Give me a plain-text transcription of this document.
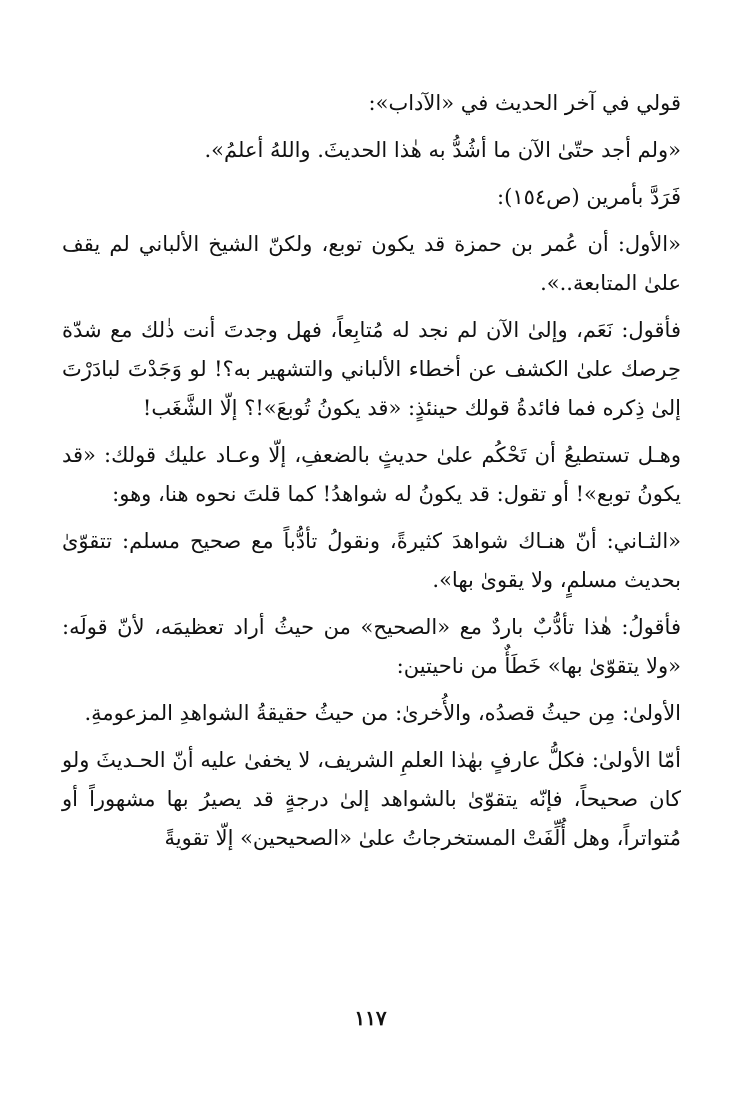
قولي في آخر الحديث في «الآداب»:

«ولم أجد حتّىٰ الآن ما أشُدُّ به هٰذا الحديثَ. واللهُ أعلمُ».

فَرَدَّ بأمرين (ص١٥٤):

«الأول: أن عُمر بن حمزة قد يكون توبع، ولكنّ الشيخ الألباني لم يقف علىٰ المتابعة..».

فأقول: نَعَم، وإلىٰ الآن لم نجد له مُتابِعاً، فهل وجدتَ أنت ذٰلك مع شدّة حِرصك علىٰ الكشف عن أخطاء الألباني والتشهير به؟! لو وَجَدْتَ لبادَرْتَ إلىٰ ذِكره فما فائدةُ قولك حينئذٍ: «قد يكونُ تُوبعَ»!؟ إلّا الشَّغَب!

وهـل تستطيعُ أن تَحْكُم علىٰ حديثٍ بالضعفِ، إلّا وعـاد عليك قولك: «قد يكونُ توبع»! أو تقول: قد يكونُ له شواهدُ! كما قلتَ نحوه هنا، وهو:

«الثـاني: أنّ هنـاك شواهدَ كثيرةً، ونقولُ تأدُّباً مع صحيح مسلم: تتقوّىٰ بحديث مسلمٍ، ولا يقوىٰ بها».

فأقولُ: هٰذا تأدُّبٌ باردٌ مع «الصحيح» من حيثُ أراد تعظيمَه، لأنّ قولَه: «ولا يتقوّىٰ بها» خَطَأٌ من ناحيتين:

الأولىٰ: مِن حيثُ قصدُه، والأُخرىٰ: من حيثُ حقيقةُ الشواهدِ المزعومةِ.

أمّا الأولىٰ: فكلُّ عارفٍ بهٰذا العلمِ الشريف، لا يخفىٰ عليه أنّ الحـديثَ ولو كان صحيحاً، فإنّه يتقوّىٰ بالشواهد إلىٰ درجةٍ قد يصيرُ بها مشهوراً أو مُتواتراً، وهل أُلِّفَتْ المستخرجاتُ علىٰ «الصحيحين» إلّا تقويةً

١١٧
